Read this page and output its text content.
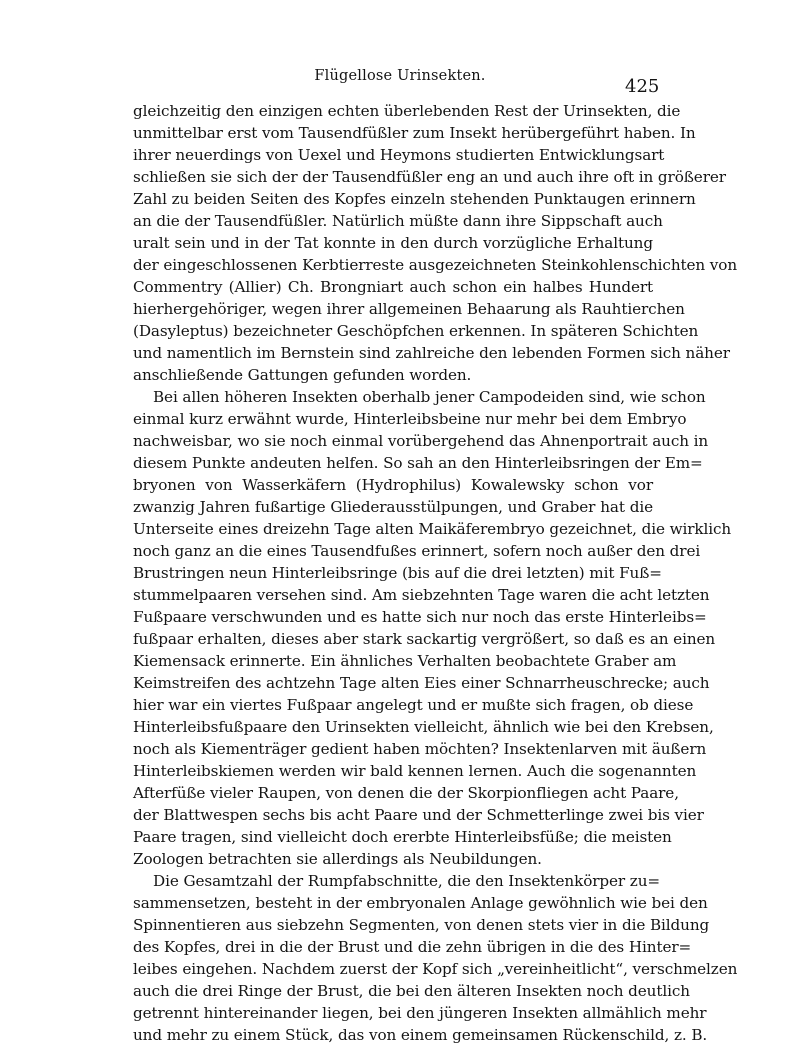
Flügellose Urinsekten.	425
gleichzeitig den einzigen echten überlebenden Rest der Urinsekten, die
unmittelbar erst vom Tausendfüßler zum Insekt herübergeführt haben. In
ihrer neuerdings von Uexel und Heymons studierten Entwicklungsart
schließen sie sich der der Tausendfüßler eng an und auch ihre oft in größerer
Zahl zu beiden Seiten des Kopfes einzeln stehenden Punktaugen erinnern
an die der Tausendfüßler. Natürlich müßte dann ihre Sippschaft auch
uralt sein und in der Tat konnte in den durch vorzügliche Erhaltung
der eingeschlossenen Kerbtierreste ausgezeichneten Steinkohlenschichten von
Commentry (Allier) Ch. Brongniart auch schon ein halbes Hundert
hierhergehöriger, wegen ihrer allgemeinen Behaarung als Rauhtierchen
(Dasyleptus) bezeichneter Geschöpfchen erkennen. In späteren Schichten
und namentlich im Bernstein sind zahlreiche den lebenden Formen sich näher
anschließende Gattungen gefunden worden.
Bei allen höheren Insekten oberhalb jener Campodeiden sind, wie schon
einmal kurz erwähnt wurde, Hinterleibsbeine nur mehr bei dem Embryo
nachweisbar, wo sie noch einmal vorübergehend das Ahnenportrait auch in
diesem Punkte andeuten helfen. So sah an den Hinterleibsringen der Em=
bryonen von Wasserkäfern (Hydrophilus) Kowalewsky schon vor
zwanzig Jahren fußartige Gliederausstülpungen, und Graber hat die
Unterseite eines dreizehn Tage alten Maikäferembryo gezeichnet, die wirklich
noch ganz an die eines Tausendfußes erinnert, sofern noch außer den drei
Brustringen neun Hinterleibsringe (bis auf die drei letzten) mit Fuß=
stummelpaaren versehen sind. Am siebzehnten Tage waren die acht letzten
Fußpaare verschwunden und es hatte sich nur noch das erste Hinterleibs=
fußpaar erhalten, dieses aber stark sackartig vergrößert, so daß es an einen
Kiemensack erinnerte. Ein ähnliches Verhalten beobachtete Graber am
Keimstreifen des achtzehn Tage alten Eies einer Schnarrheuschrecke; auch
hier war ein viertes Fußpaar angelegt und er mußte sich fragen, ob diese
Hinterleibsfußpaare den Urinsekten vielleicht, ähnlich wie bei den Krebsen,
noch als Kiementräger gedient haben möchten? Insektenlarven mit äußern
Hinterleibskiemen werden wir bald kennen lernen. Auch die sogenannten
Afterfüße vieler Raupen, von denen die der Skorpionfliegen acht Paare,
der Blattwespen sechs bis acht Paare und der Schmetterlinge zwei bis vier
Paare tragen, sind vielleicht doch ererbte Hinterleibsfüße; die meisten
Zoologen betrachten sie allerdings als Neubildungen.
Die Gesamtzahl der Rumpfabschnitte, die den Insektenkörper zu=
sammensetzen, besteht in der embryonalen Anlage gewöhnlich wie bei den
Spinnentieren aus siebzehn Segmenten, von denen stets vier in die Bildung
des Kopfes, drei in die der Brust und die zehn übrigen in die des Hinter=
leibes eingehen. Nachdem zuerst der Kopf sich „vereinheitlicht“, verschmelzen
auch die drei Ringe der Brust, die bei den älteren Insekten noch deutlich
getrennt hintereinander liegen, bei den jüngeren Insekten allmählich mehr
und mehr zu einem Stück, das von einem gemeinsamen Rückenschild, z. B.
